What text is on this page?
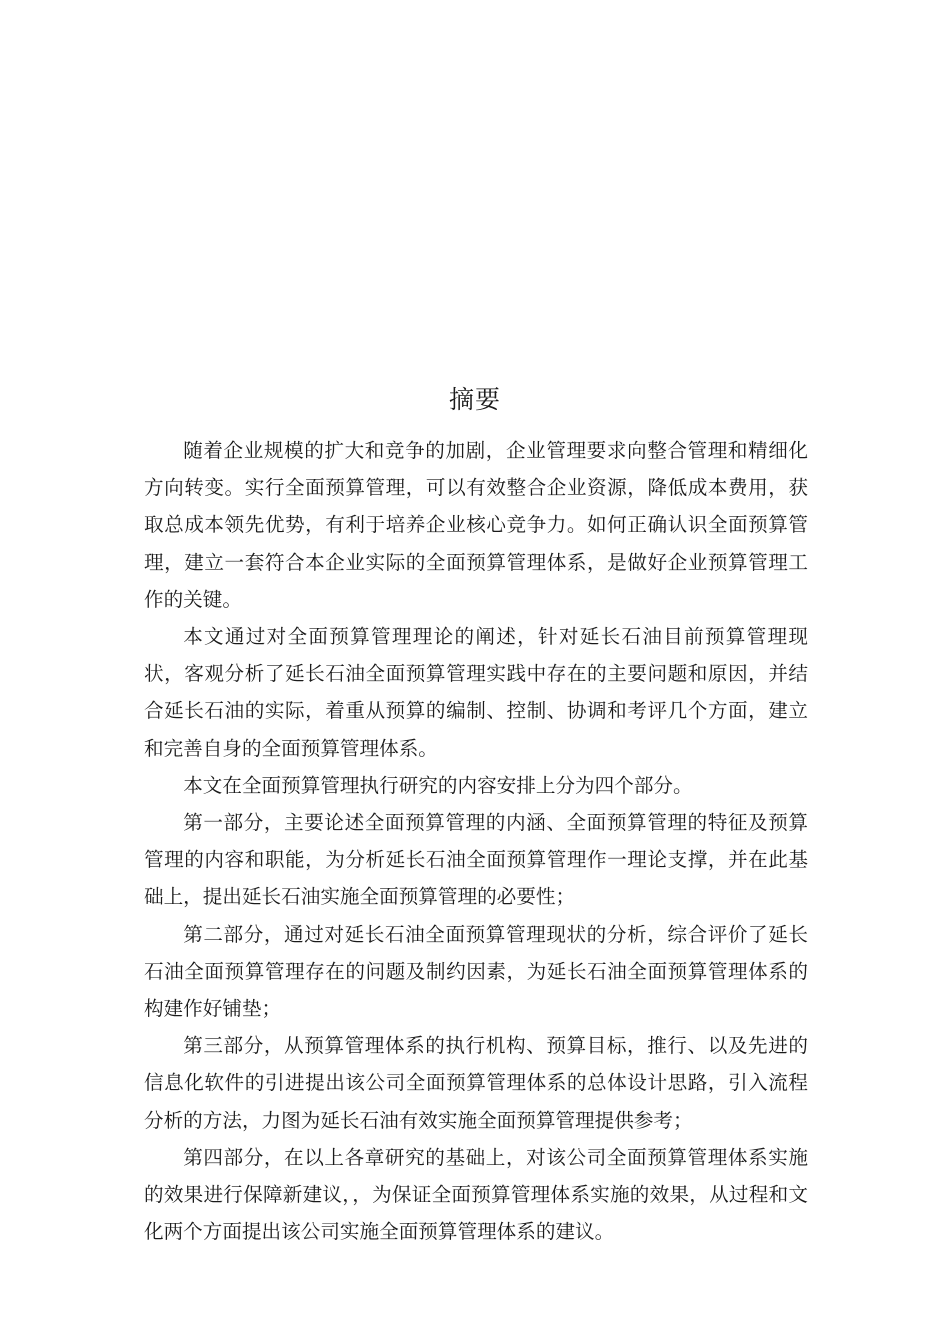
摘要

随着企业规模的扩大和竞争的加剧，企业管理要求向整合管理和精细化方向转变。实行全面预算管理，可以有效整合企业资源，降低成本费用，获取总成本领先优势，有利于培养企业核心竞争力。如何正确认识全面预算管理，建立一套符合本企业实际的全面预算管理体系，是做好企业预算管理工作的关键。

本文通过对全面预算管理理论的阐述，针对延长石油目前预算管理现状，客观分析了延长石油全面预算管理实践中存在的主要问题和原因，并结合延长石油的实际，着重从预算的编制、控制、协调和考评几个方面，建立和完善自身的全面预算管理体系。

本文在全面预算管理执行研究的内容安排上分为四个部分。

第一部分，主要论述全面预算管理的内涵、全面预算管理的特征及预算管理的内容和职能，为分析延长石油全面预算管理作一理论支撑，并在此基础上，提出延长石油实施全面预算管理的必要性；

第二部分，通过对延长石油全面预算管理现状的分析，综合评价了延长石油全面预算管理存在的问题及制约因素，为延长石油全面预算管理体系的构建作好铺垫；

第三部分，从预算管理体系的执行机构、预算目标，推行、以及先进的信息化软件的引进提出该公司全面预算管理体系的总体设计思路，引入流程分析的方法，力图为延长石油有效实施全面预算管理提供参考；

第四部分，在以上各章研究的基础上，对该公司全面预算管理体系实施的效果进行保障新建议，，为保证全面预算管理体系实施的效果，从过程和文化两个方面提出该公司实施全面预算管理体系的建议。
